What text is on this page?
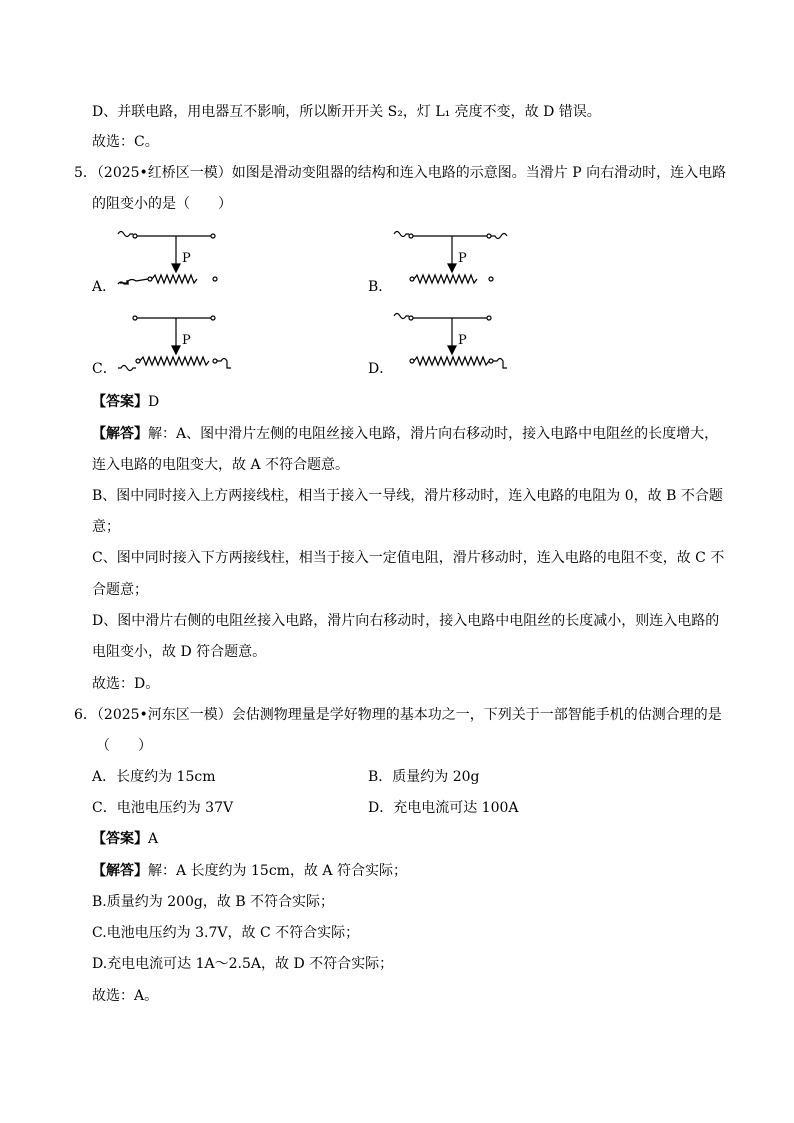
D、并联电路，用电器互不影响，所以断开开关 S₂，灯 L₁ 亮度不变，故 D 错误。
故选：C。
5．（2025•红桥区一模）如图是滑动变阻器的结构和连入电路的示意图。当滑片 P 向右滑动时，连入电路
的阻变小的是（　　）
A．
P
B．
P
C．
P
D．
P
【答案】D
【解答】解：A、图中滑片左侧的电阻丝接入电路，滑片向右移动时，接入电路中电阻丝的长度增大，
连入电路的电阻变大，故 A 不符合题意。
B、图中同时接入上方两接线柱，相当于接入一导线，滑片移动时，连入电路的电阻为 0，故 B 不合题
意；
C、图中同时接入下方两接线柱，相当于接入一定值电阻，滑片移动时，连入电路的电阻不变，故 C 不
合题意；
D、图中滑片右侧的电阻丝接入电路，滑片向右移动时，接入电路中电阻丝的长度减小，则连入电路的
电阻变小，故 D 符合题意。
故选：D。
6．（2025•河东区一模）会估测物理量是学好物理的基本功之一，下列关于一部智能手机的估测合理的是
（　　）
A．长度约为 15cm	B．质量约为 20g
C．电池电压约为 37V	D．充电电流可达 100A
【答案】A
【解答】解：A 长度约为 15cm，故 A 符合实际；
B.质量约为 200g，故 B 不符合实际；
C.电池电压约为 3.7V，故 C 不符合实际；
D.充电电流可达 1A～2.5A，故 D 不符合实际；
故选：A。
